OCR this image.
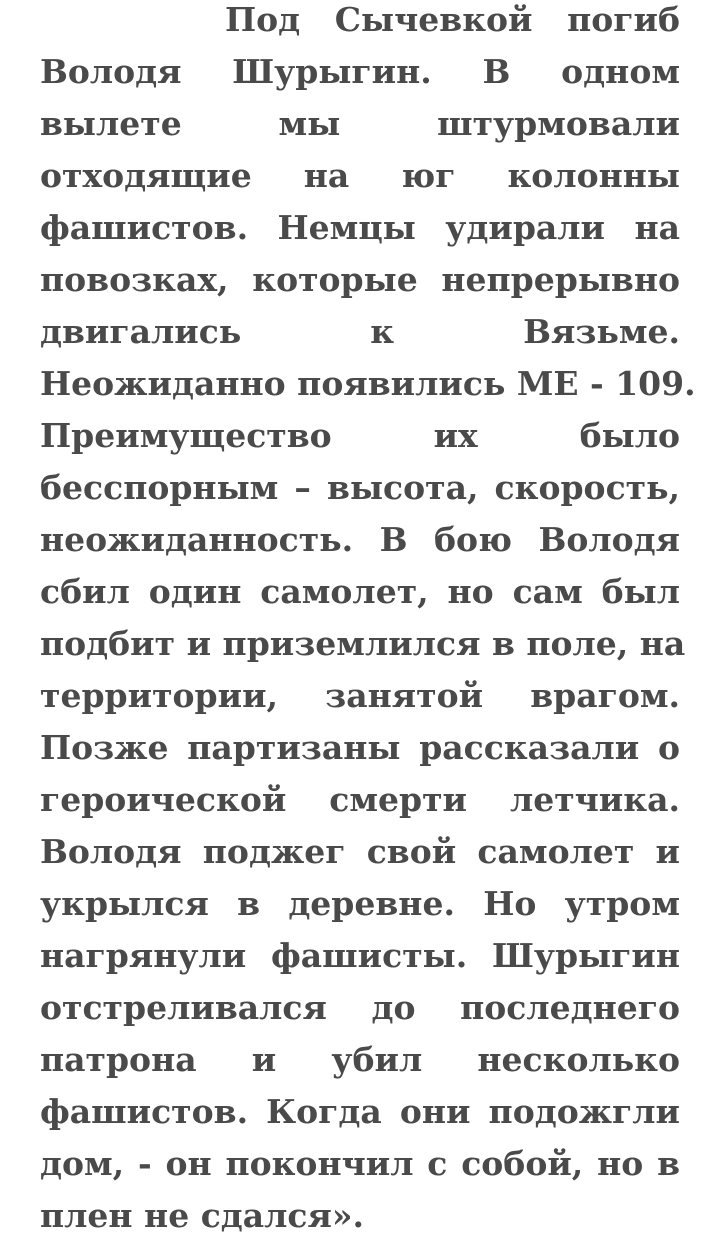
Под Сычевкой погиб
Володя Шурыгин. В одном
вылете мы штурмовали
отходящие на юг колонны
фашистов. Немцы удирали на
повозках, которые непрерывно
двигались к Вязьме.
Неожиданно появились МЕ - 109.
Преимущество их было
бесспорным – высота, скорость,
неожиданность. В бою Володя
сбил один самолет, но сам был
подбит и приземлился в поле, на
территории, занятой врагом.
Позже партизаны рассказали о
героической смерти летчика.
Володя поджег свой самолет и
укрылся в деревне. Но утром
нагрянули фашисты. Шурыгин
отстреливался до последнего
патрона и убил несколько
фашистов. Когда они подожгли
дом, - он покончил с собой, но в
плен не сдался».
